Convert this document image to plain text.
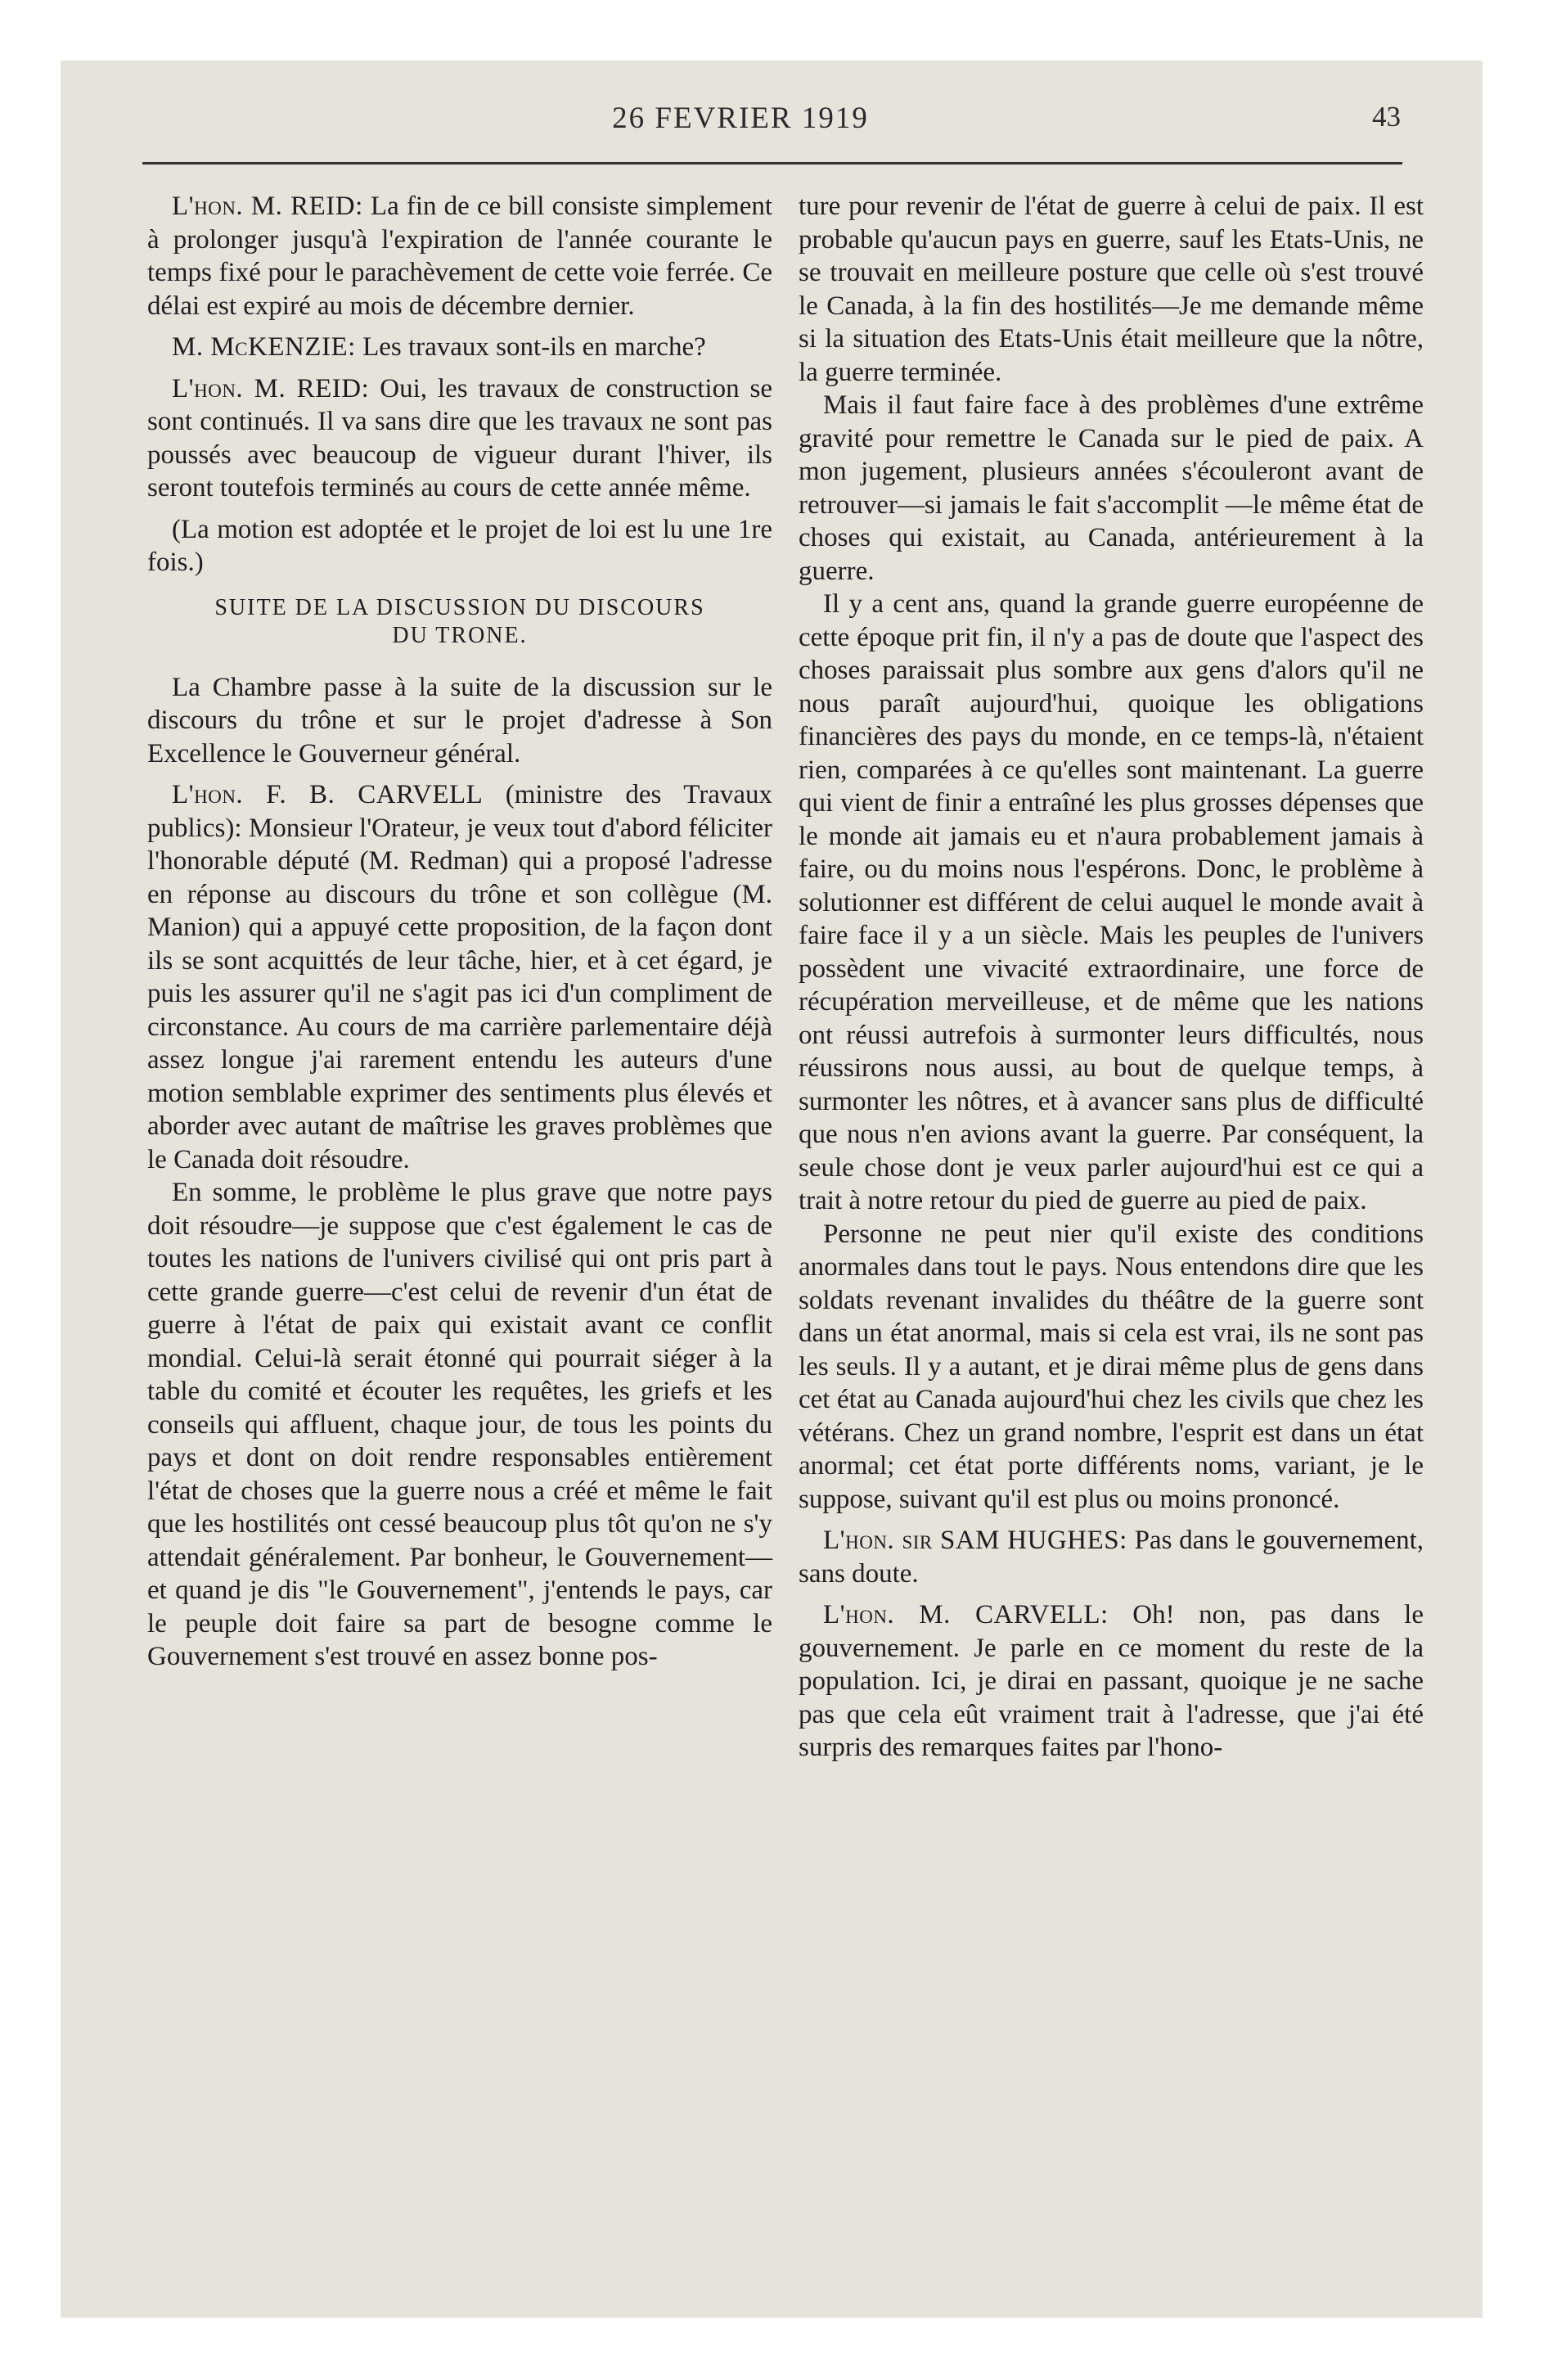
26 FEVRIER 1919	43

L'hon. M. REID: La fin de ce bill consiste simplement à prolonger jusqu'à l'expiration de l'année courante le temps fixé pour le parachèvement de cette voie ferrée. Ce délai est expiré au mois de décembre dernier.

M. McKENZIE: Les travaux sont-ils en marche?

L'hon. M. REID: Oui, les travaux de construction se sont continués. Il va sans dire que les travaux ne sont pas poussés avec beaucoup de vigueur durant l'hiver, ils seront toutefois terminés au cours de cette année même.

(La motion est adoptée et le projet de loi est lu une 1re fois.)

SUITE DE LA DISCUSSION DU DISCOURS
DU TRONE.

La Chambre passe à la suite de la discussion sur le discours du trône et sur le projet d'adresse à Son Excellence le Gouverneur général.

L'hon. F. B. CARVELL (ministre des Travaux publics): Monsieur l'Orateur, je veux tout d'abord féliciter l'honorable député (M. Redman) qui a proposé l'adresse en réponse au discours du trône et son collègue (M. Manion) qui a appuyé cette proposition, de la façon dont ils se sont acquittés de leur tâche, hier, et à cet égard, je puis les assurer qu'il ne s'agit pas ici d'un compliment de circonstance. Au cours de ma carrière parlementaire déjà assez longue j'ai rarement entendu les auteurs d'une motion semblable exprimer des sentiments plus élevés et aborder avec autant de maîtrise les graves problèmes que le Canada doit résoudre.

En somme, le problème le plus grave que notre pays doit résoudre—je suppose que c'est également le cas de toutes les nations de l'univers civilisé qui ont pris part à cette grande guerre—c'est celui de revenir d'un état de guerre à l'état de paix qui existait avant ce conflit mondial. Celui-là serait étonné qui pourrait siéger à la table du comité et écouter les requêtes, les griefs et les conseils qui affluent, chaque jour, de tous les points du pays et dont on doit rendre responsables entièrement l'état de choses que la guerre nous a créé et même le fait que les hostilités ont cessé beaucoup plus tôt qu'on ne s'y attendait généralement. Par bonheur, le Gouvernement—et quand je dis "le Gouvernement", j'entends le pays, car le peuple doit faire sa part de besogne comme le Gouvernement s'est trouvé en assez bonne pos-

ture pour revenir de l'état de guerre à celui de paix. Il est probable qu'aucun pays en guerre, sauf les Etats-Unis, ne se trouvait en meilleure posture que celle où s'est trouvé le Canada, à la fin des hostilités—Je me demande même si la situation des Etats-Unis était meilleure que la nôtre, la guerre terminée.

Mais il faut faire face à des problèmes d'une extrême gravité pour remettre le Canada sur le pied de paix. A mon jugement, plusieurs années s'écouleront avant de retrouver—si jamais le fait s'accomplit —le même état de choses qui existait, au Canada, antérieurement à la guerre.

Il y a cent ans, quand la grande guerre européenne de cette époque prit fin, il n'y a pas de doute que l'aspect des choses paraissait plus sombre aux gens d'alors qu'il ne nous paraît aujourd'hui, quoique les obligations financières des pays du monde, en ce temps-là, n'étaient rien, comparées à ce qu'elles sont maintenant. La guerre qui vient de finir a entraîné les plus grosses dépenses que le monde ait jamais eu et n'aura probablement jamais à faire, ou du moins nous l'espérons. Donc, le problème à solutionner est différent de celui auquel le monde avait à faire face il y a un siècle. Mais les peuples de l'univers possèdent une vivacité extraordinaire, une force de récupération merveilleuse, et de même que les nations ont réussi autrefois à surmonter leurs difficultés, nous réussirons nous aussi, au bout de quelque temps, à surmonter les nôtres, et à avancer sans plus de difficulté que nous n'en avions avant la guerre. Par conséquent, la seule chose dont je veux parler aujourd'hui est ce qui a trait à notre retour du pied de guerre au pied de paix.

Personne ne peut nier qu'il existe des conditions anormales dans tout le pays. Nous entendons dire que les soldats revenant invalides du théâtre de la guerre sont dans un état anormal, mais si cela est vrai, ils ne sont pas les seuls. Il y a autant, et je dirai même plus de gens dans cet état au Canada aujourd'hui chez les civils que chez les vétérans. Chez un grand nombre, l'esprit est dans un état anormal; cet état porte différents noms, variant, je le suppose, suivant qu'il est plus ou moins prononcé.

L'hon. sir SAM HUGHES: Pas dans le gouvernement, sans doute.

L'hon. M. CARVELL: Oh! non, pas dans le gouvernement. Je parle en ce moment du reste de la population. Ici, je dirai en passant, quoique je ne sache pas que cela eût vraiment trait à l'adresse, que j'ai été surpris des remarques faites par l'hono-
